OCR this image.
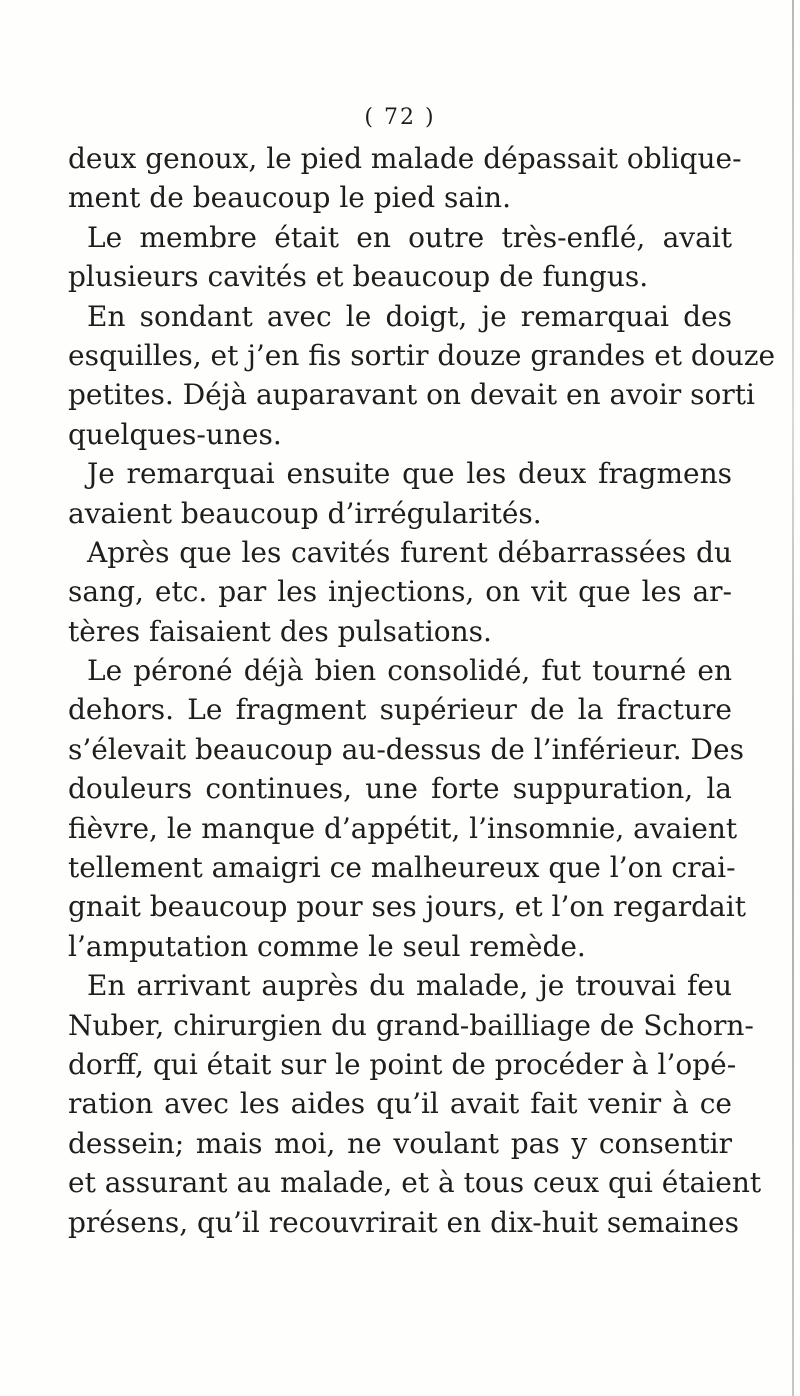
( 72 )
deux genoux, le pied malade dépassait oblique-
ment de beaucoup le pied sain.
Le membre était en outre très-enflé, avait
plusieurs cavités et beaucoup de fungus.
En sondant avec le doigt, je remarquai des
esquilles, et j’en fis sortir douze grandes et douze
petites. Déjà auparavant on devait en avoir sorti
quelques-unes.
Je remarquai ensuite que les deux fragmens
avaient beaucoup d’irrégularités.
Après que les cavités furent débarrassées du
sang, etc. par les injections, on vit que les ar-
tères faisaient des pulsations.
Le péroné déjà bien consolidé, fut tourné en
dehors. Le fragment supérieur de la fracture
s’élevait beaucoup au-dessus de l’inférieur. Des
douleurs continues, une forte suppuration, la
fièvre, le manque d’appétit, l’insomnie, avaient
tellement amaigri ce malheureux que l’on crai-
gnait beaucoup pour ses jours, et l’on regardait
l’amputation comme le seul remède.
En arrivant auprès du malade, je trouvai feu
Nuber, chirurgien du grand-bailliage de Schorn-
dorff, qui était sur le point de procéder à l’opé-
ration avec les aides qu’il avait fait venir à ce
dessein; mais moi, ne voulant pas y consentir
et assurant au malade, et à tous ceux qui étaient
présens, qu’il recouvrirait en dix-huit semaines
